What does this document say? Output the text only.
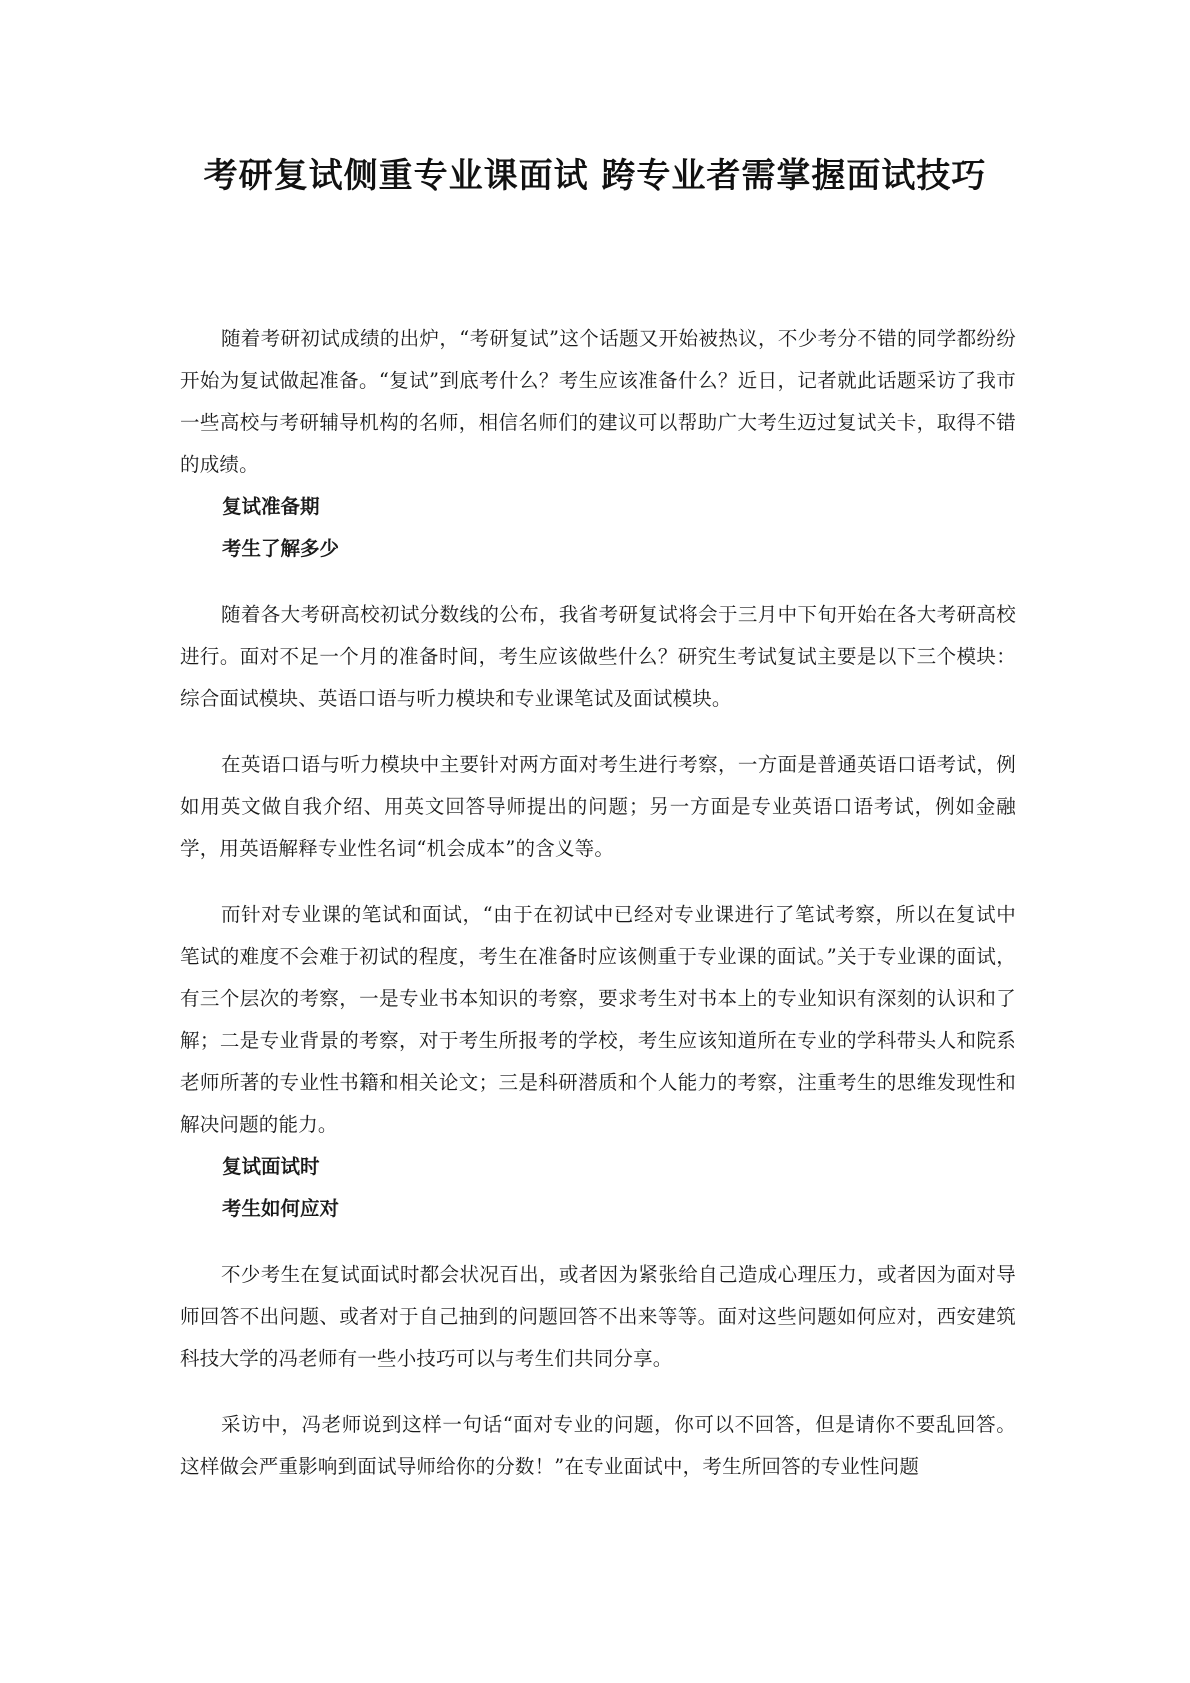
考研复试侧重专业课面试 跨专业者需掌握面试技巧

随着考研初试成绩的出炉，“考研复试”这个话题又开始被热议，不少考分不错的同学都纷纷开始为复试做起准备。“复试”到底考什么？考生应该准备什么？近日，记者就此话题采访了我市一些高校与考研辅导机构的名师，相信名师们的建议可以帮助广大考生迈过复试关卡，取得不错的成绩。

复试准备期

考生了解多少

随着各大考研高校初试分数线的公布，我省考研复试将会于三月中下旬开始在各大考研高校进行。面对不足一个月的准备时间，考生应该做些什么？研究生考试复试主要是以下三个模块：综合面试模块、英语口语与听力模块和专业课笔试及面试模块。

在英语口语与听力模块中主要针对两方面对考生进行考察，一方面是普通英语口语考试，例如用英文做自我介绍、用英文回答导师提出的问题；另一方面是专业英语口语考试，例如金融学，用英语解释专业性名词“机会成本”的含义等。

而针对专业课的笔试和面试，“由于在初试中已经对专业课进行了笔试考察，所以在复试中笔试的难度不会难于初试的程度，考生在准备时应该侧重于专业课的面试。”关于专业课的面试，有三个层次的考察，一是专业书本知识的考察，要求考生对书本上的专业知识有深刻的认识和了解；二是专业背景的考察，对于考生所报考的学校，考生应该知道所在专业的学科带头人和院系老师所著的专业性书籍和相关论文；三是科研潜质和个人能力的考察，注重考生的思维发现性和解决问题的能力。

复试面试时

考生如何应对

不少考生在复试面试时都会状况百出，或者因为紧张给自己造成心理压力，或者因为面对导师回答不出问题、或者对于自己抽到的问题回答不出来等等。面对这些问题如何应对，西安建筑科技大学的冯老师有一些小技巧可以与考生们共同分享。

采访中，冯老师说到这样一句话“面对专业的问题，你可以不回答，但是请你不要乱回答。这样做会严重影响到面试导师给你的分数！”在专业面试中，考生所回答的专业性问题
